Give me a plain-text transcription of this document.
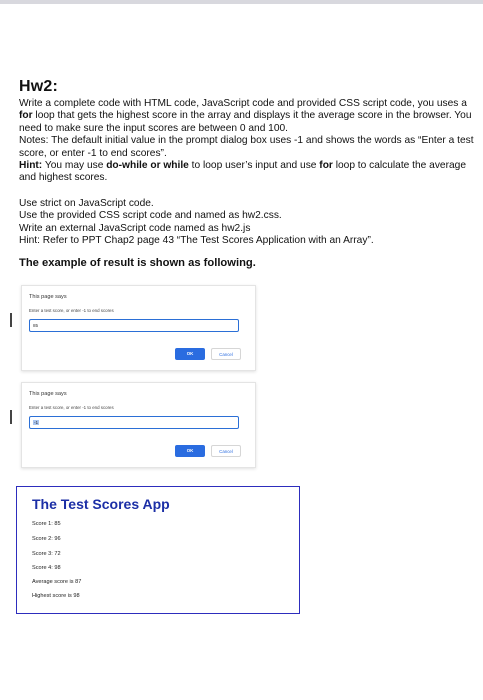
Hw2:

Write a complete code with HTML code, JavaScript code and provided CSS script code, you uses a for loop that gets the highest score in the array and displays it the average score in the browser. You need to make sure the input scores are between 0 and 100.

Notes: The default initial value in the prompt dialog box uses -1 and shows the words as “Enter a test score, or enter -1 to end scores”.

Hint: You may use do-while or while to loop user’s input and use for loop to calculate the average and highest scores.

Use strict on JavaScript code.

Use the provided CSS script code and named as hw2.css.

Write an external JavaScript code named as hw2.js

Hint: Refer to PPT Chap2 page 43 “The Test Scores Application with an Array”.

The example of result is shown as following.
This page says
Enter a test score, or enter -1 to end scores
85
OK	Cancel
This page says
Enter a test score, or enter -1 to end scores
-1
OK	Cancel
The Test Scores App
Score 1: 85
Score 2: 96
Score 3: 72
Score 4: 98
Average score is 87
Highest score is 98
